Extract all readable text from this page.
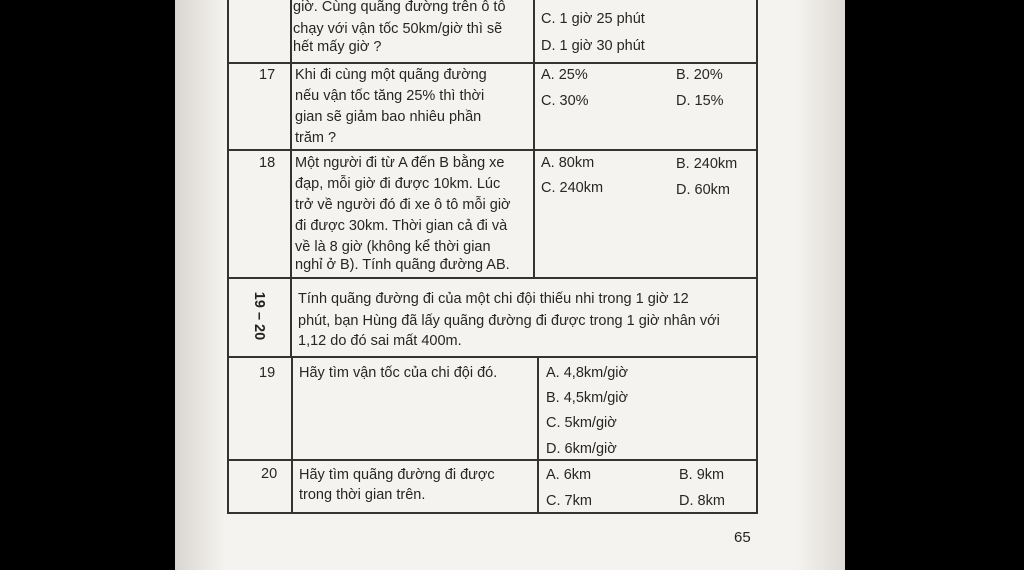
giờ. Cùng quãng đường trên ô tô
chạy với vận tốc 50km/giờ thì sẽ
hết mấy giờ ?
C. 1 giờ 25 phút
D. 1 giờ 30 phút
17 Khi đi cùng một quãng đường
nếu vận tốc tăng 25% thì thời
gian sẽ giảm bao nhiêu phần
trăm ?
A. 25%	B. 20%
C. 30%	D. 15%
18 Một người đi từ A đến B bằng xe
đạp, mỗi giờ đi được 10km. Lúc
trở về người đó đi xe ô tô mỗi giờ
đi được 30km. Thời gian cả đi và
về là 8 giờ (không kể thời gian
nghỉ ở B). Tính quãng đường AB.
A. 80km	B. 240km
C. 240km	D. 60km
19 – 20 Tính quãng đường đi của một chi đội thiếu nhi trong 1 giờ 12
phút, bạn Hùng đã lấy quãng đường đi được trong 1 giờ nhân với
1,12 do đó sai mất 400m.
19 Hãy tìm vận tốc của chi đội đó.	A. 4,8km/giờ
B. 4,5km/giờ
C. 5km/giờ
D. 6km/giờ
20 Hãy tìm quãng đường đi được
trong thời gian trên.
A. 6km	B. 9km
C. 7km	D. 8km
65
